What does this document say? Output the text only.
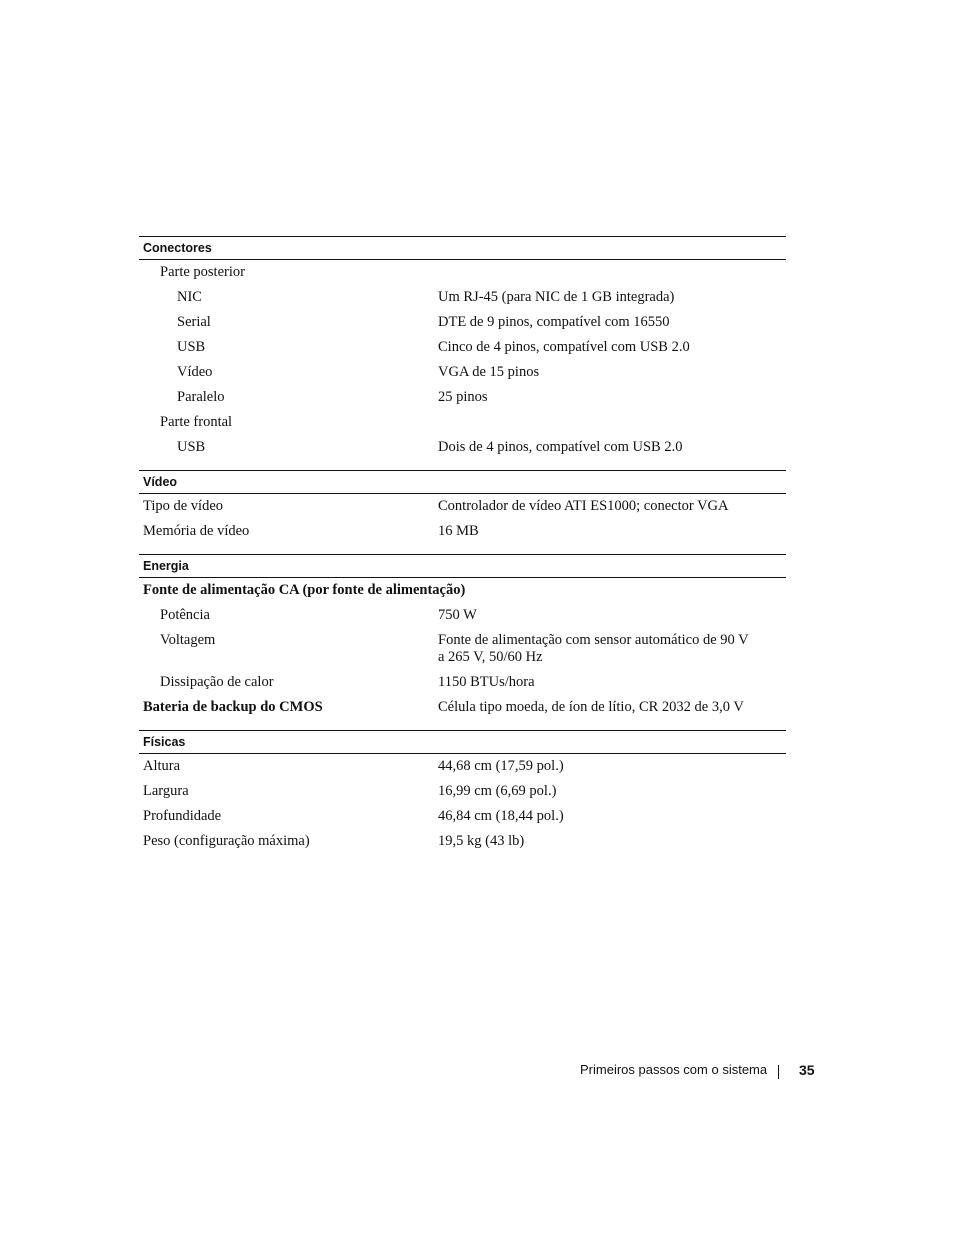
Conectores
Parte posterior
NIC	Um RJ-45 (para NIC de 1 GB integrada)
Serial	DTE de 9 pinos, compatível com 16550
USB	Cinco de 4 pinos, compatível com USB 2.0
Vídeo	VGA de 15 pinos
Paralelo	25 pinos
Parte frontal
USB	Dois de 4 pinos, compatível com USB 2.0
Vídeo
Tipo de vídeo	Controlador de vídeo ATI ES1000; conector VGA
Memória de vídeo	16 MB
Energia
Fonte de alimentação CA (por fonte de alimentação)
Potência	750 W
Voltagem	Fonte de alimentação com sensor automático de 90 V a 265 V, 50/60 Hz
Dissipação de calor	1150 BTUs/hora
Bateria de backup do CMOS	Célula tipo moeda, de íon de lítio, CR 2032 de 3,0 V
Físicas
Altura	44,68 cm (17,59 pol.)
Largura	16,99 cm (6,69 pol.)
Profundidade	46,84 cm (18,44 pol.)
Peso (configuração máxima)	19,5 kg (43 lb)
Primeiros passos com o sistema 35
